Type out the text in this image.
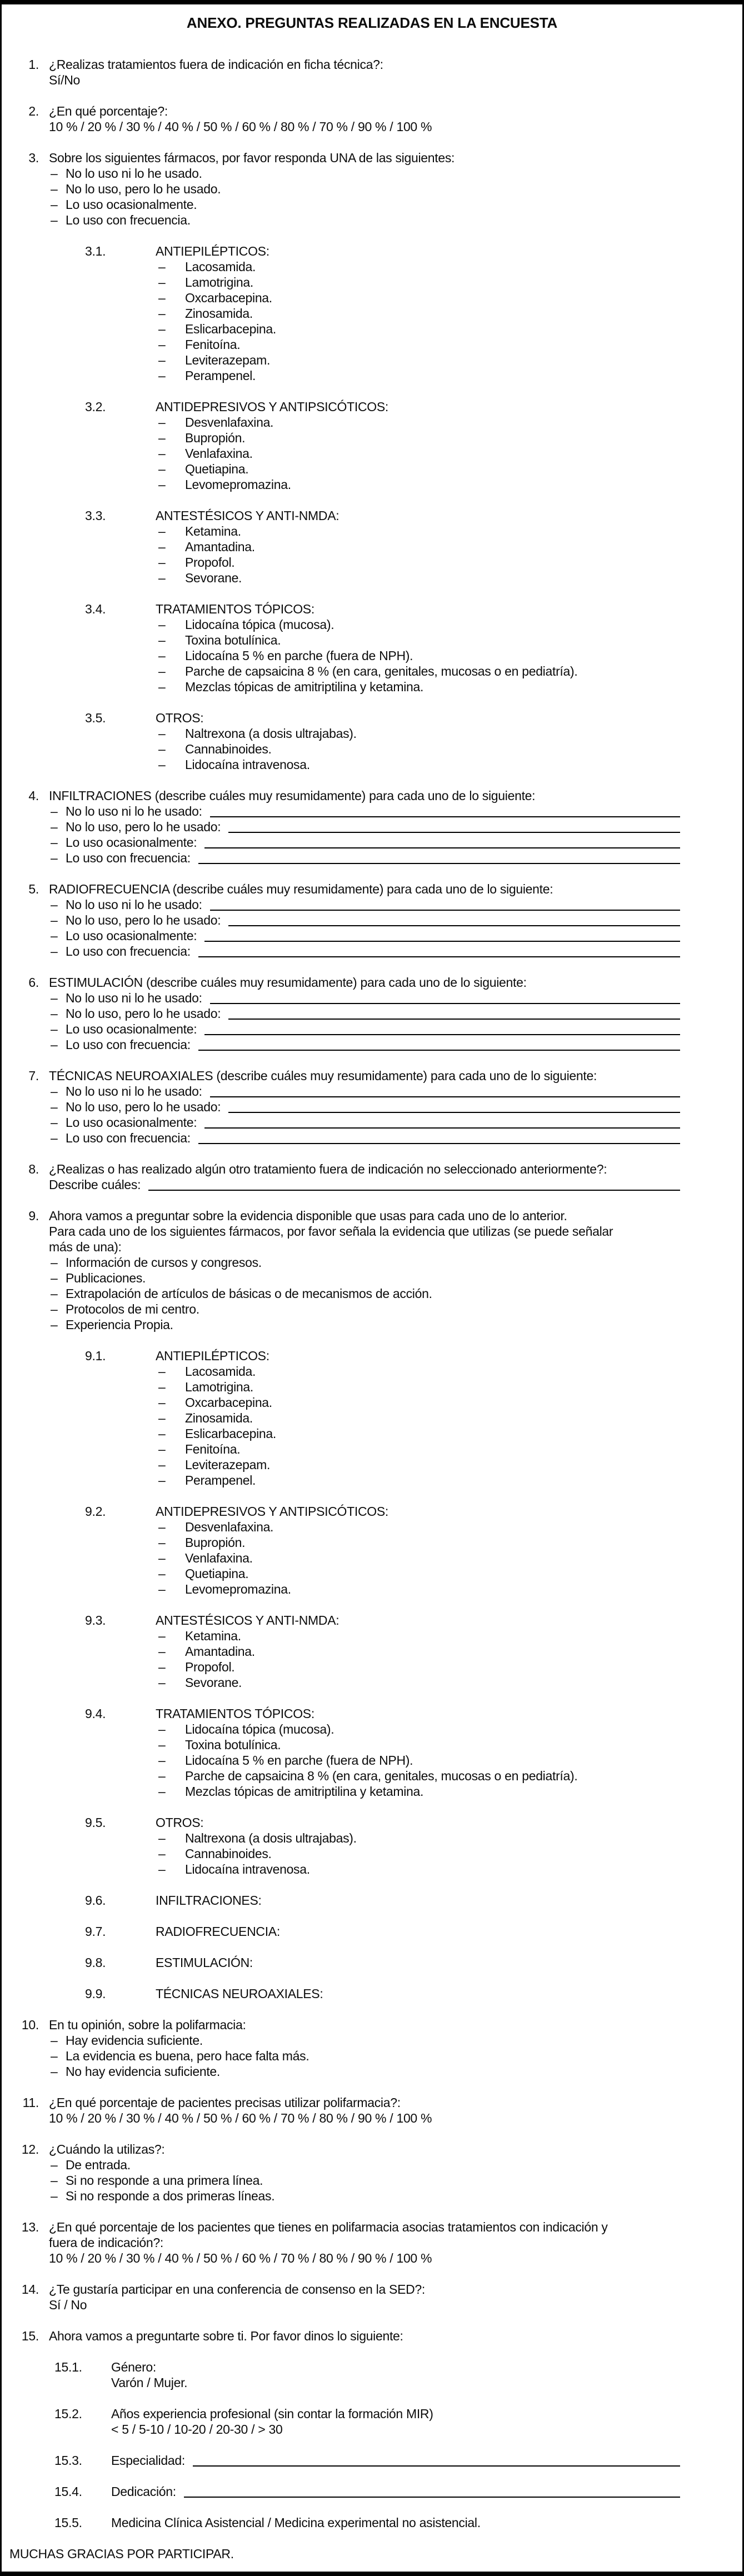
ANEXO. PREGUNTAS REALIZADAS EN LA ENCUESTA
1. ¿Realizas tratamientos fuera de indicación en ficha técnica?:
Sí/No
2. ¿En qué porcentaje?:
10 % / 20 % / 30 % / 40 % / 50 % / 60 % / 80 % / 70 % / 90 % / 100 %
3. Sobre los siguientes fármacos, por favor responda UNA de las siguientes:
– No lo uso ni lo he usado.
– No lo uso, pero lo he usado.
– Lo uso ocasionalmente.
– Lo uso con frecuencia.
3.1.	ANTIEPILÉPTICOS:
–	Lacosamida.
–	Lamotrigina.
–	Oxcarbacepina.
–	Zinosamida.
–	Eslicarbacepina.
–	Fenitoína.
–	Leviterazepam.
–	Perampenel.
3.2.	ANTIDEPRESIVOS Y ANTIPSICÓTICOS:
–	Desvenlafaxina.
–	Bupropión.
–	Venlafaxina.
–	Quetiapina.
–	Levomepromazina.
3.3.	ANTESTÉSICOS Y ANTI-NMDA:
–	Ketamina.
–	Amantadina.
–	Propofol.
–	Sevorane.
3.4.	TRATAMIENTOS TÓPICOS:
–	Lidocaína tópica (mucosa).
–	Toxina botulínica.
–	Lidocaína 5 % en parche (fuera de NPH).
–	Parche de capsaicina 8 % (en cara, genitales, mucosas o en pediatría).
–	Mezclas tópicas de amitriptilina y ketamina.
3.5.	OTROS:
–	Naltrexona (a dosis ultrajabas).
–	Cannabinoides.
–	Lidocaína intravenosa.
4. INFILTRACIONES (describe cuáles muy resumidamente) para cada uno de lo siguiente:
– No lo uso ni lo he usado:
– No lo uso, pero lo he usado:
– Lo uso ocasionalmente:
– Lo uso con frecuencia:
5. RADIOFRECUENCIA (describe cuáles muy resumidamente) para cada uno de lo siguiente:
– No lo uso ni lo he usado:
– No lo uso, pero lo he usado:
– Lo uso ocasionalmente:
– Lo uso con frecuencia:
6. ESTIMULACIÓN (describe cuáles muy resumidamente) para cada uno de lo siguiente:
– No lo uso ni lo he usado:
– No lo uso, pero lo he usado:
– Lo uso ocasionalmente:
– Lo uso con frecuencia:
7. TÉCNICAS NEUROAXIALES (describe cuáles muy resumidamente) para cada uno de lo siguiente:
– No lo uso ni lo he usado:
– No lo uso, pero lo he usado:
– Lo uso ocasionalmente:
– Lo uso con frecuencia:
8. ¿Realizas o has realizado algún otro tratamiento fuera de indicación no seleccionado anteriormente?:
Describe cuáles:
9. Ahora vamos a preguntar sobre la evidencia disponible que usas para cada uno de lo anterior.
Para cada uno de los siguientes fármacos, por favor señala la evidencia que utilizas (se puede señalar
más de una):
– Información de cursos y congresos.
– Publicaciones.
– Extrapolación de artículos de básicas o de mecanismos de acción.
– Protocolos de mi centro.
– Experiencia Propia.
9.1.	ANTIEPILÉPTICOS:
–	Lacosamida.
–	Lamotrigina.
–	Oxcarbacepina.
–	Zinosamida.
–	Eslicarbacepina.
–	Fenitoína.
–	Leviterazepam.
–	Perampenel.
9.2.	ANTIDEPRESIVOS Y ANTIPSICÓTICOS:
–	Desvenlafaxina.
–	Bupropión.
–	Venlafaxina.
–	Quetiapina.
–	Levomepromazina.
9.3.	ANTESTÉSICOS Y ANTI-NMDA:
–	Ketamina.
–	Amantadina.
–	Propofol.
–	Sevorane.
9.4.	TRATAMIENTOS TÓPICOS:
–	Lidocaína tópica (mucosa).
–	Toxina botulínica.
–	Lidocaína 5 % en parche (fuera de NPH).
–	Parche de capsaicina 8 % (en cara, genitales, mucosas o en pediatría).
–	Mezclas tópicas de amitriptilina y ketamina.
9.5.	OTROS:
–	Naltrexona (a dosis ultrajabas).
–	Cannabinoides.
–	Lidocaína intravenosa.
9.6.	INFILTRACIONES:
9.7.	RADIOFRECUENCIA:
9.8.	ESTIMULACIÓN:
9.9.	TÉCNICAS NEUROAXIALES:
10. En tu opinión, sobre la polifarmacia:
– Hay evidencia suficiente.
– La evidencia es buena, pero hace falta más.
– No hay evidencia suficiente.
11. ¿En qué porcentaje de pacientes precisas utilizar polifarmacia?:
10 % / 20 % / 30 % / 40 % / 50 % / 60 % / 70 % / 80 % / 90 % / 100 %
12. ¿Cuándo la utilizas?:
– De entrada.
– Si no responde a una primera línea.
– Si no responde a dos primeras líneas.
13. ¿En qué porcentaje de los pacientes que tienes en polifarmacia asocias tratamientos con indicación y
fuera de indicación?:
10 % / 20 % / 30 % / 40 % / 50 % / 60 % / 70 % / 80 % / 90 % / 100 %
14. ¿Te gustaría participar en una conferencia de consenso en la SED?:
Sí / No
15. Ahora vamos a preguntarte sobre ti. Por favor dinos lo siguiente:
15.1.	Género:
Varón / Mujer.
15.2.	Años experiencia profesional (sin contar la formación MIR)
< 5 / 5-10 / 10-20 / 20-30 / > 30
15.3.	Especialidad:
15.4.	Dedicación:
15.5.	Medicina Clínica Asistencial / Medicina experimental no asistencial.
MUCHAS GRACIAS POR PARTICIPAR.
